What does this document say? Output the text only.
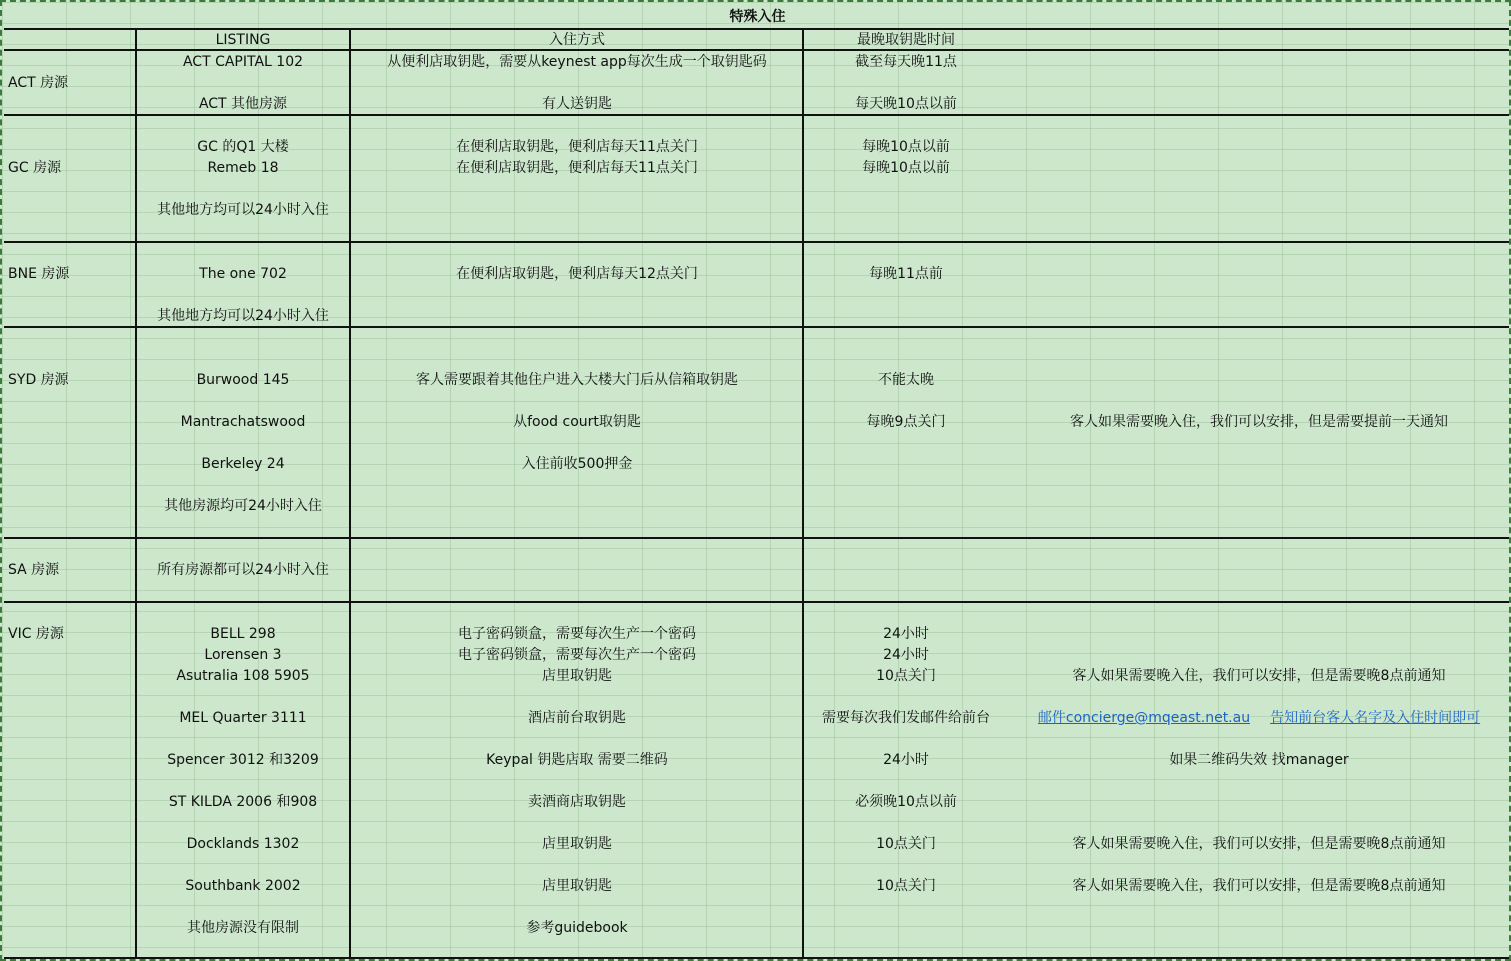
特殊入住
LISTING	入住方式	最晚取钥匙时间
ACT 房源
ACT CAPITAL 102	从便利店取钥匙，需要从keynest app每次生成一个取钥匙码	截至每天晚11点
ACT 其他房源	有人送钥匙	每天晚10点以前
GC 房源
GC 的Q1 大楼	在便利店取钥匙，便利店每天11点关门	每晚10点以前
Remeb 18	在便利店取钥匙，便利店每天11点关门	每晚10点以前
其他地方均可以24小时入住
BNE 房源	The one 702	在便利店取钥匙，便利店每天12点关门	每晚11点前
其他地方均可以24小时入住
SYD 房源	Burwood 145	客人需要跟着其他住户进入大楼大门后从信箱取钥匙	不能太晚
Mantrachatswood	从food court取钥匙	每晚9点关门	客人如果需要晚入住，我们可以安排，但是需要提前一天通知
Berkeley 24	入住前收500押金
其他房源均可24小时入住
SA 房源	所有房源都可以24小时入住
VIC 房源	BELL 298	电子密码锁盒，需要每次生产一个密码	24小时
Lorensen 3	电子密码锁盒，需要每次生产一个密码	24小时
Asutralia 108 5905	店里取钥匙	10点关门	客人如果需要晚入住，我们可以安排，但是需要晚8点前通知
MEL Quarter 3111	酒店前台取钥匙	需要每次我们发邮件给前台	邮件concierge@mqeast.net.au 告知前台客人名字及入住时间即可
Spencer 3012 和3209	Keypal 钥匙店取 需要二维码	24小时	如果二维码失效 找manager
ST KILDA 2006 和908	卖酒商店取钥匙	必须晚10点以前
Docklands 1302	店里取钥匙	10点关门	客人如果需要晚入住，我们可以安排，但是需要晚8点前通知
Southbank 2002	店里取钥匙	10点关门	客人如果需要晚入住，我们可以安排，但是需要晚8点前通知
其他房源没有限制	参考guidebook
